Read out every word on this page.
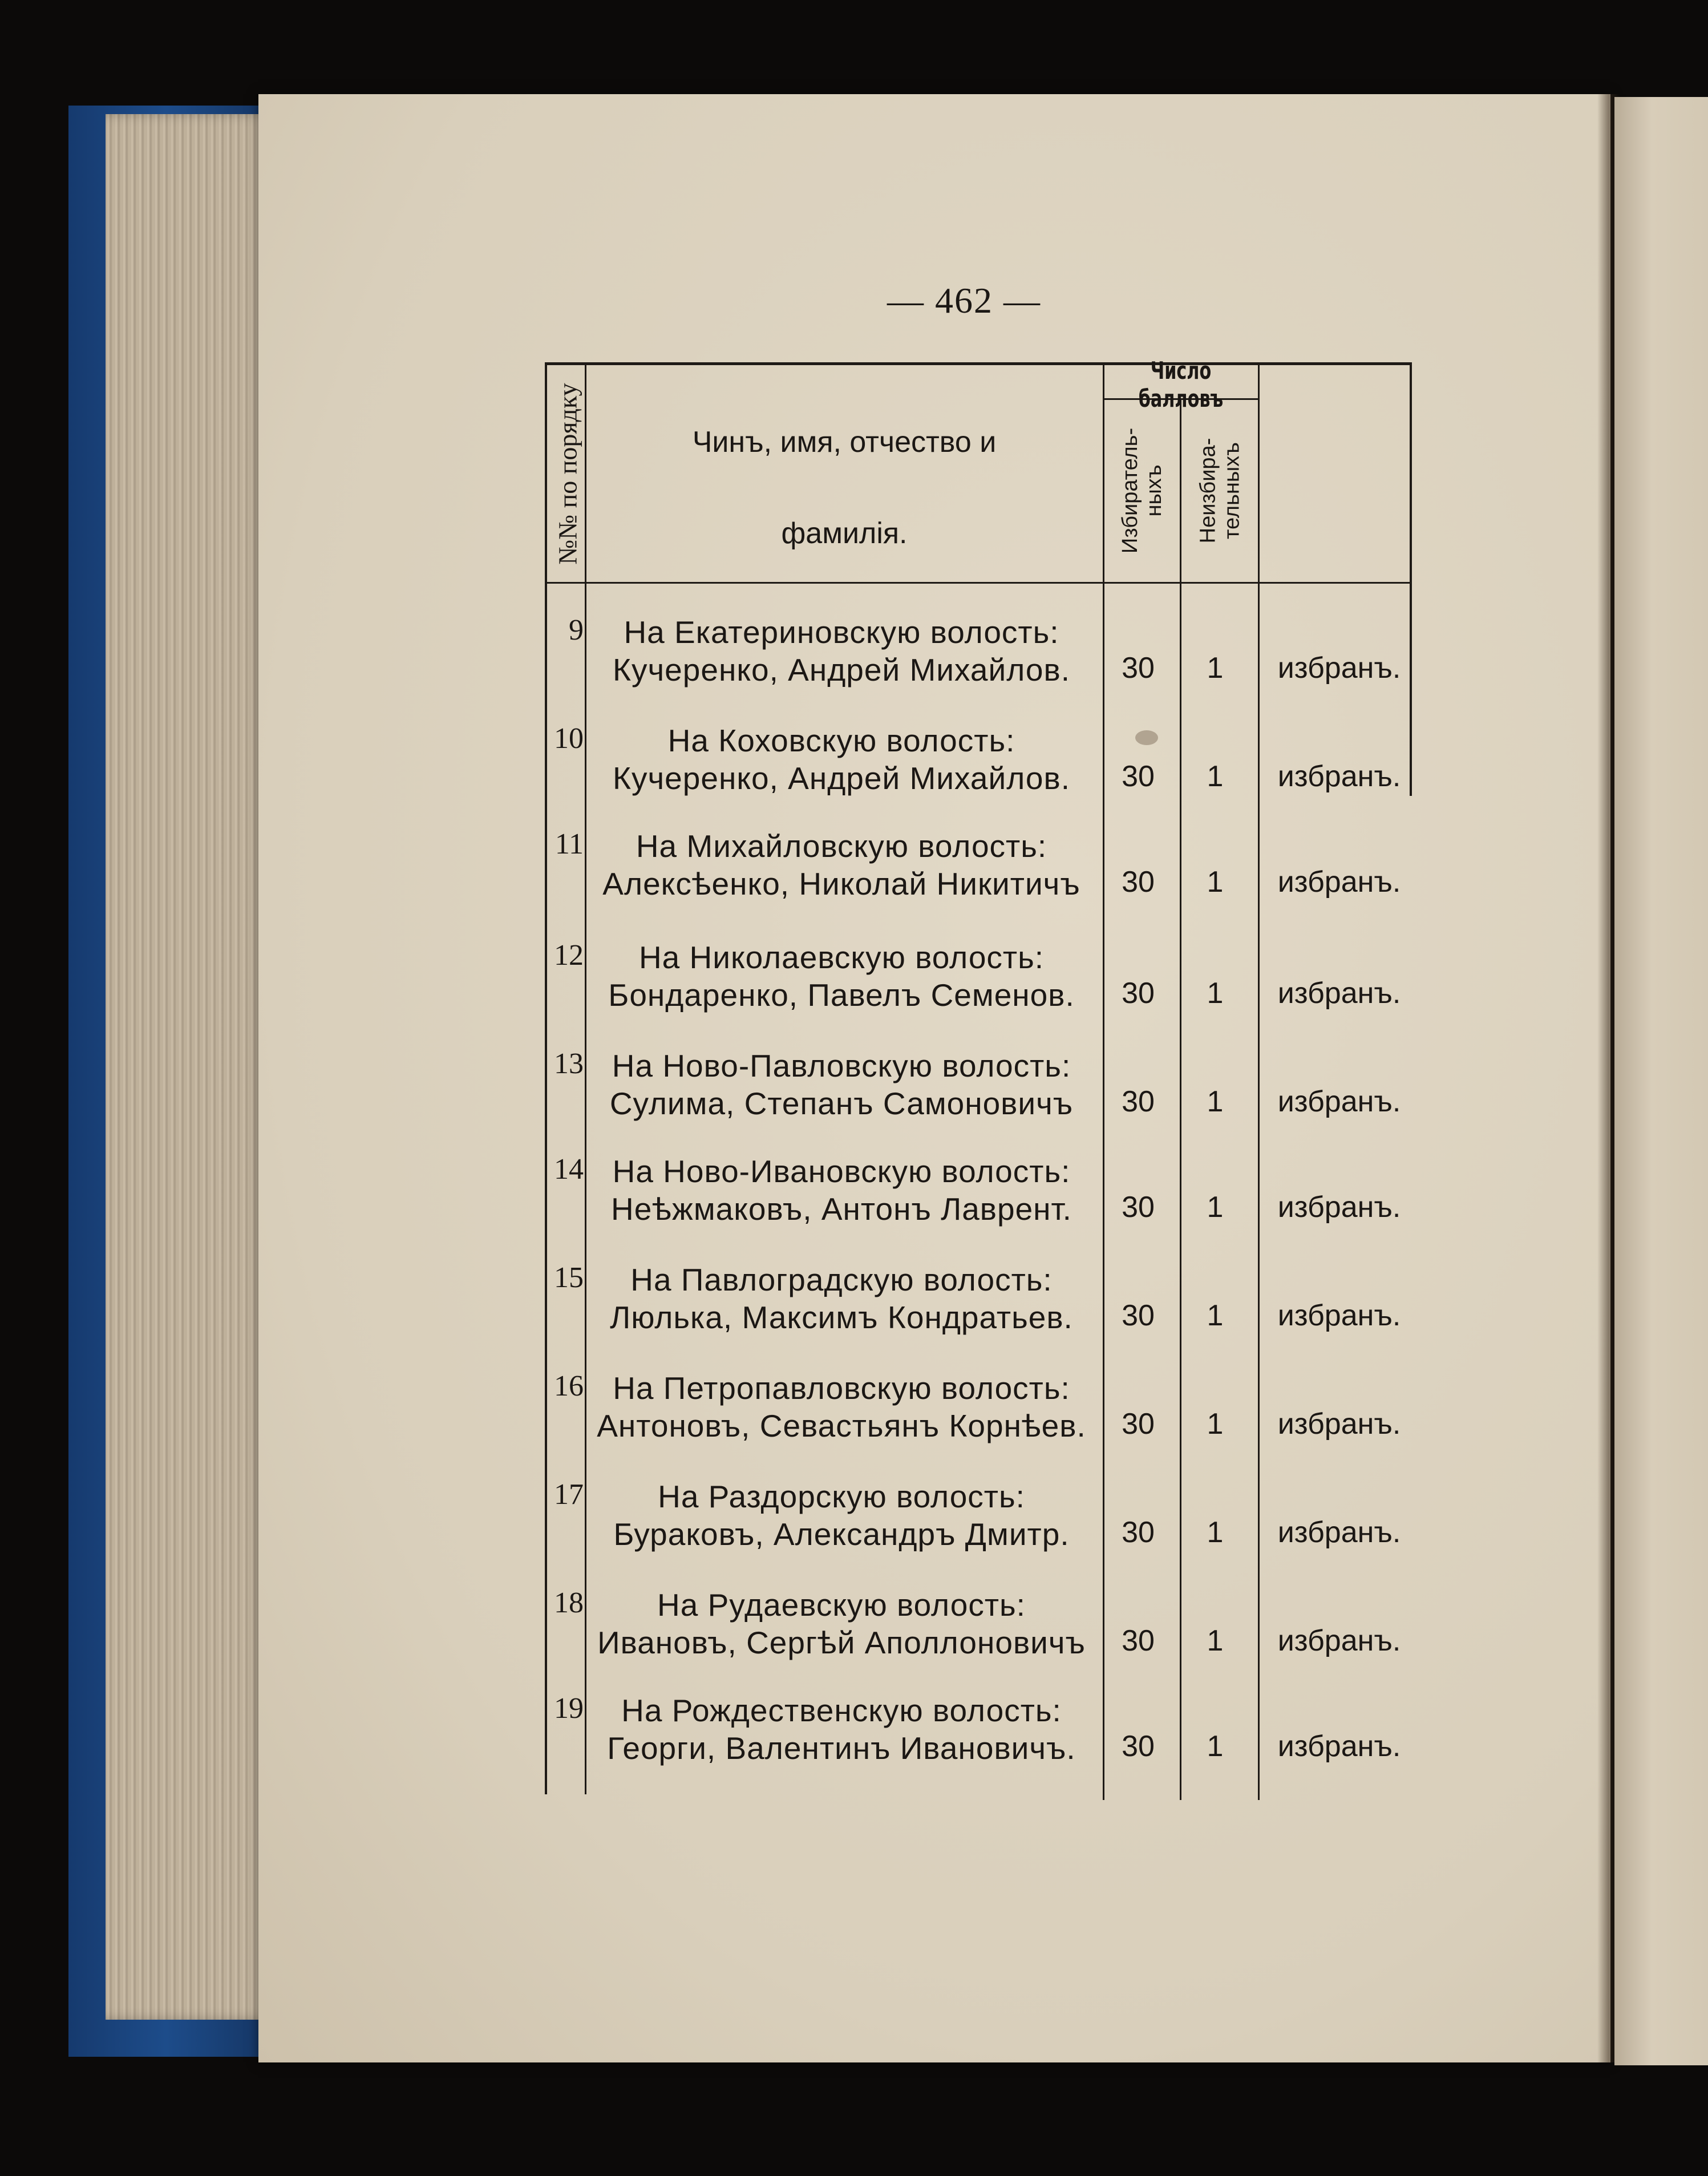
— 462 —
№№ по порядку	Чинъ, имя, отчество и
фамилія.
Число балловъ
Избиратель-ныхъ Неизбира-тельныхъ
9	На Екатериновскую волость:
Кучеренко, Андрей Михайлов.	30	1	избранъ.
10	На Коховскую волость:
Кучеренко, Андрей Михайлов.	30	1	избранъ.
11	На Михайловскую волость:
Алексѣенко, Николай Никитичъ	30	1	избранъ.
12	На Николаевскую волость:
Бондаренко, Павелъ Семенов.	30	1	избранъ.
13 На Ново-Павловскую волость:
Сулима, Степанъ Самоновичъ	30	1	избранъ.
14 На Ново-Ивановскую волость:
Неѣжмаковъ, Антонъ Лаврент.	30	1	избранъ.
15	На Павлоградскую волость:
Люлька, Максимъ Кондратьев.	30	1	избранъ.
16 На Петропавловскую волость:
Антоновъ, Севастьянъ Корнѣев.	30	1	избранъ.
17	На Раздорскую волость:
Бураковъ, Александръ Дмитр.	30	1	избранъ.
18	На Рудаевскую волость:
Ивановъ, Сергѣй Аполлоновичъ	30	1	избранъ.
19	На Рождественскую волость:
Георги, Валентинъ Ивановичъ.	30	1	избранъ.
